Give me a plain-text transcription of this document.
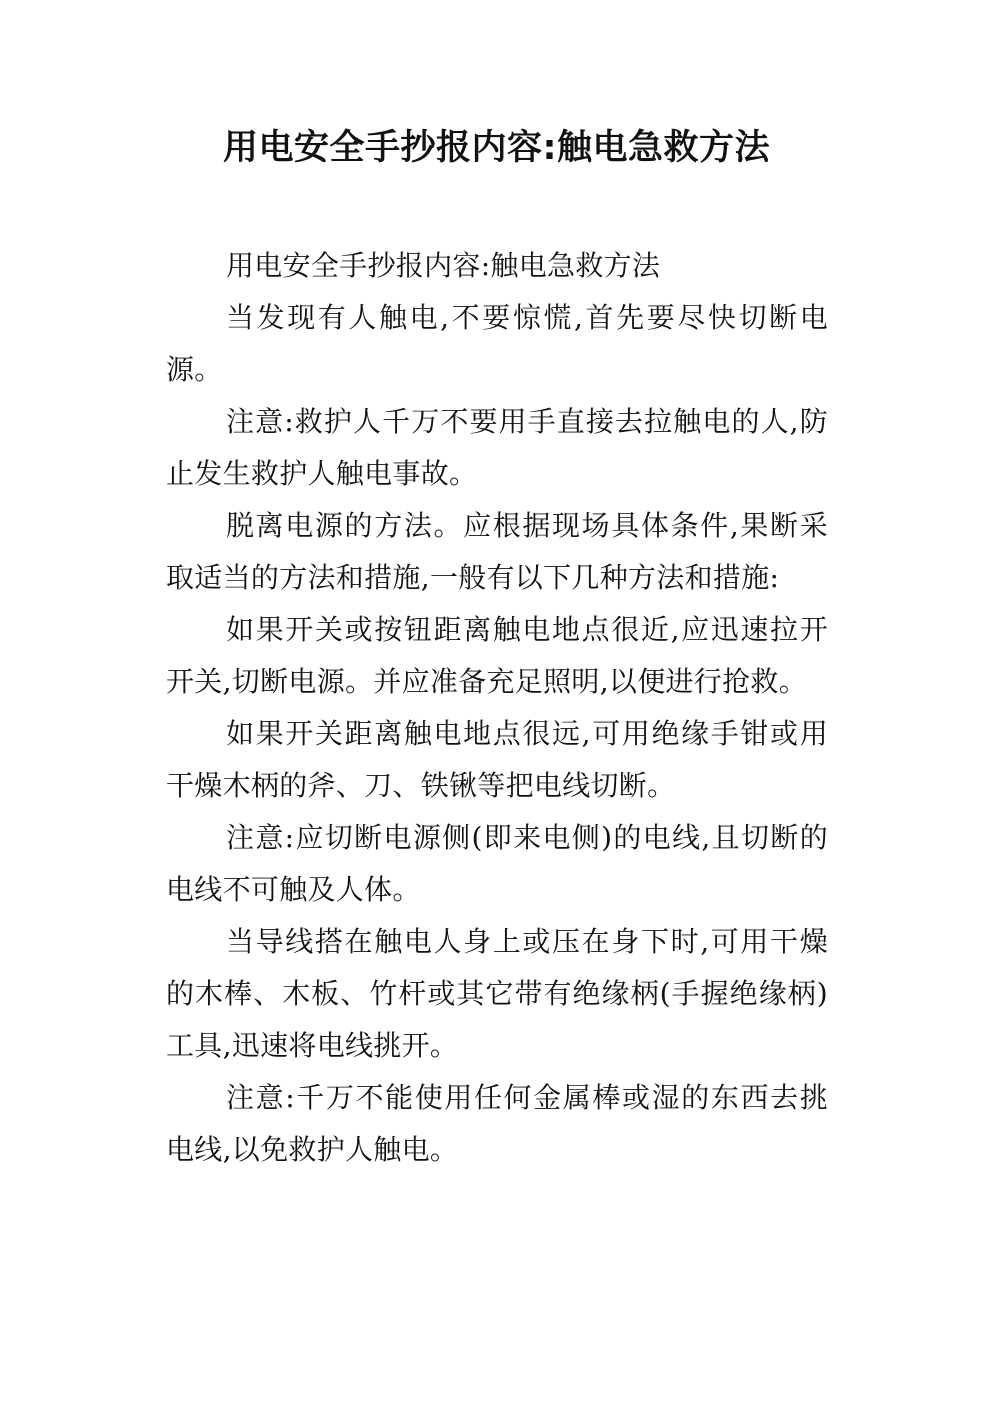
用电安全手抄报内容:触电急救方法

用电安全手抄报内容:触电急救方法

当发现有人触电,不要惊慌,首先要尽快切断电源。

注意:救护人千万不要用手直接去拉触电的人,防止发生救护人触电事故。

脱离电源的方法。应根据现场具体条件,果断采取适当的方法和措施,一般有以下几种方法和措施:

如果开关或按钮距离触电地点很近,应迅速拉开开关,切断电源。并应准备充足照明,以便进行抢救。

如果开关距离触电地点很远,可用绝缘手钳或用干燥木柄的斧、刀、铁锹等把电线切断。

注意:应切断电源侧(即来电侧)的电线,且切断的电线不可触及人体。

当导线搭在触电人身上或压在身下时,可用干燥的木棒、木板、竹杆或其它带有绝缘柄(手握绝缘柄)工具,迅速将电线挑开。

注意:千万不能使用任何金属棒或湿的东西去挑电线,以免救护人触电。
